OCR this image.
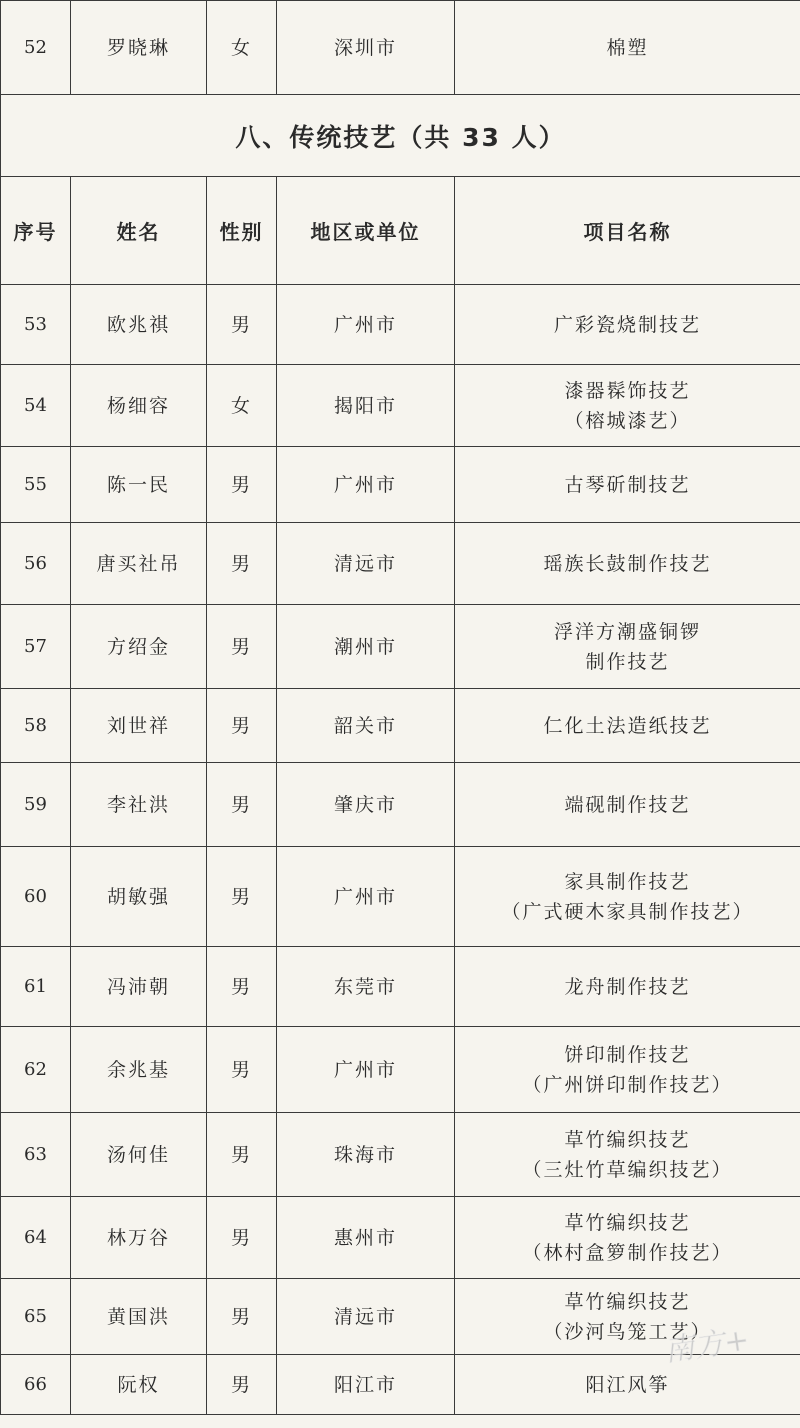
52	罗晓琳	女	深圳市	棉塑
八、传统技艺（共 33 人）				
序号	姓名	性别	地区或单位	项目名称
53	欧兆祺	男	广州市	广彩瓷烧制技艺

54	杨细容	女	揭阳市	漆器髹饰技艺
（榕城漆艺）

55	陈一民	男	广州市	古琴斫制技艺

56	唐买社吊	男	清远市	瑶族长鼓制作技艺

57	方绍金	男	潮州市	浮洋方潮盛铜锣
制作技艺

58	刘世祥	男	韶关市	仁化土法造纸技艺

59	李社洪	男	肇庆市	端砚制作技艺

60	胡敏强	男	广州市	家具制作技艺
（广式硬木家具制作技艺）

61	冯沛朝	男	东莞市	龙舟制作技艺

62	余兆基	男	广州市	饼印制作技艺
（广州饼印制作技艺）

63	汤何佳	男	珠海市	草竹编织技艺
（三灶竹草编织技艺）

64	林万谷	男	惠州市	草竹编织技艺
（林村盒箩制作技艺）

65	黄国洪	男	清远市	草竹编织技艺
（沙河鸟笼工艺）

66	阮权	男	阳江市	阳江风筝
南方+
